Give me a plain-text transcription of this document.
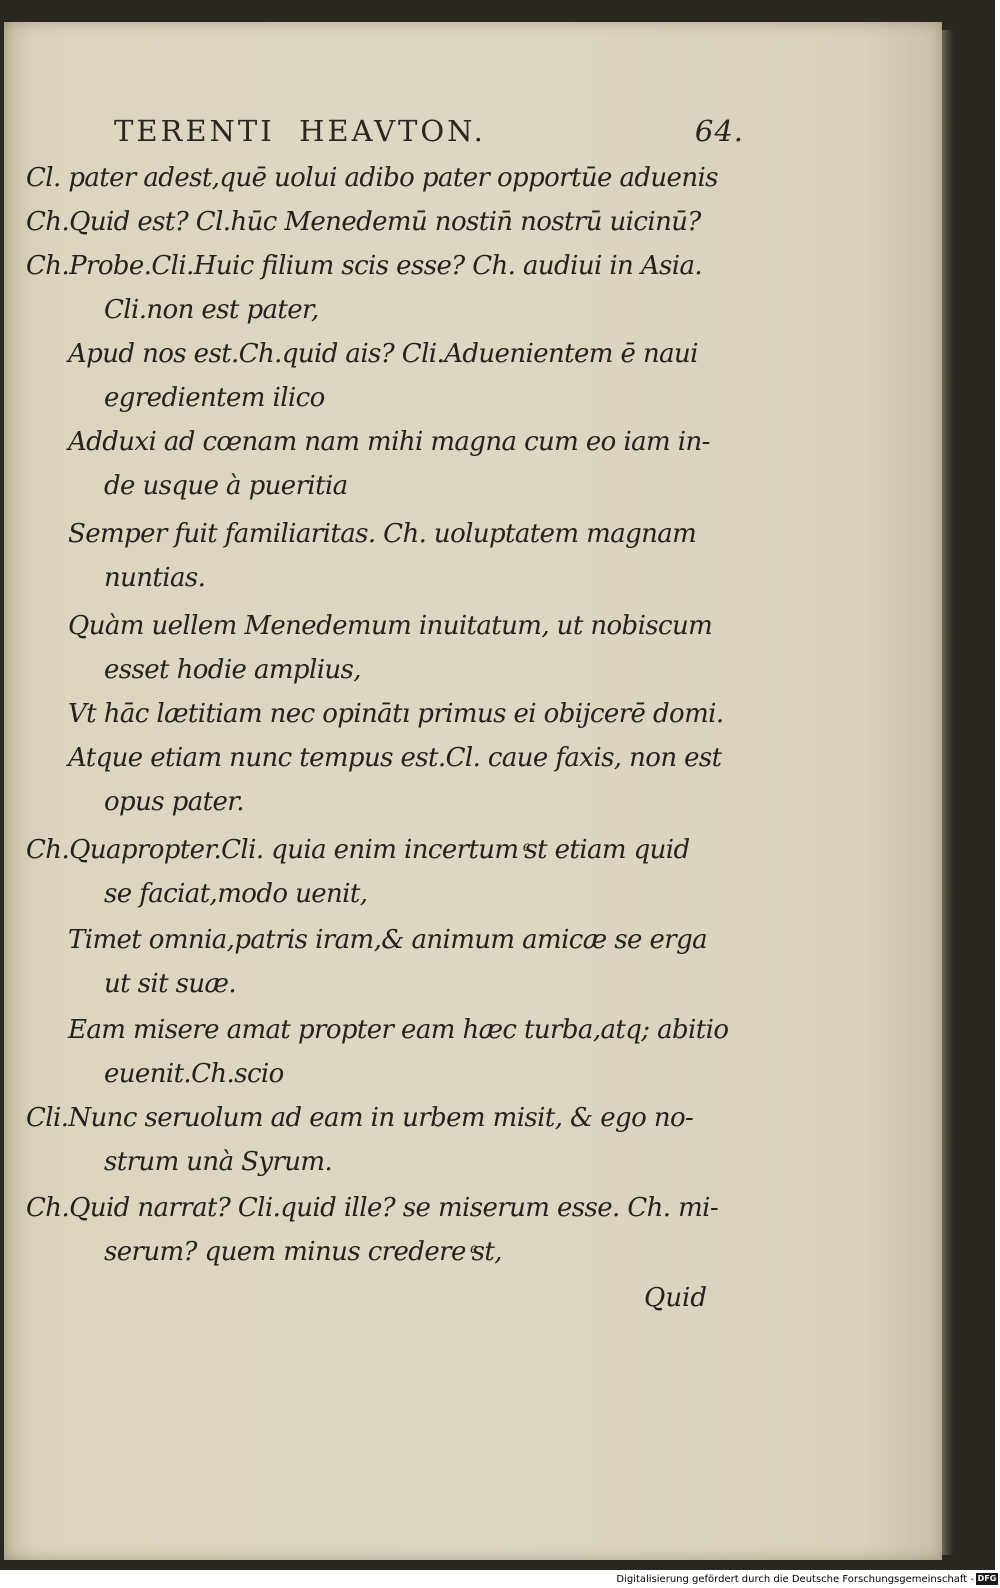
TERENTI  HEAVTON.	64.
Cl. pater adest,quē uolui adibo pater opportūe aduenis
Ch.Quid est? Cl.hūc Menedemū nostin̄ nostrū uicinū?
Ch.Probe.Cli.Huic filium scis esse? Ch. audiui in Asia.
Cli.non est pater,
Apud nos est.Ch.quid ais? Cli.Aduenientem ē naui
egredientem ilico
Adduxi ad cœnam nam mihi magna cum eo iam in-
de usque à pueritia
Semper fuit familiaritas. Ch. uoluptatem magnam
nuntias.
Quàm uellem Menedemum inuitatum, ut nobiscum
esset hodie amplius,
Vt hāc lætitiam nec opinātı primus ei obijcerē domi.
Atque etiam nunc tempus est.Cl. caue faxis, non est
opus pater.
Ch.Quapropter.Cli. quia enim incertum ͤst etiam quid
se faciat,modo uenit,
Timet omnia,patris iram,& animum amicæ se erga
ut sit suæ.
Eam misere amat propter eam hæc turba,atq; abitio
euenit.Ch.scio
Cli.Nunc seruolum ad eam in urbem misit, & ego no-
strum unà Syrum.
Ch.Quid narrat? Cli.quid ille? se miserum esse. Ch. mi-
serum? quem minus credere ͤst,
Quid
Digitalisierung gefördert durch die Deutsche Forschungsgemeinschaft - DFG
